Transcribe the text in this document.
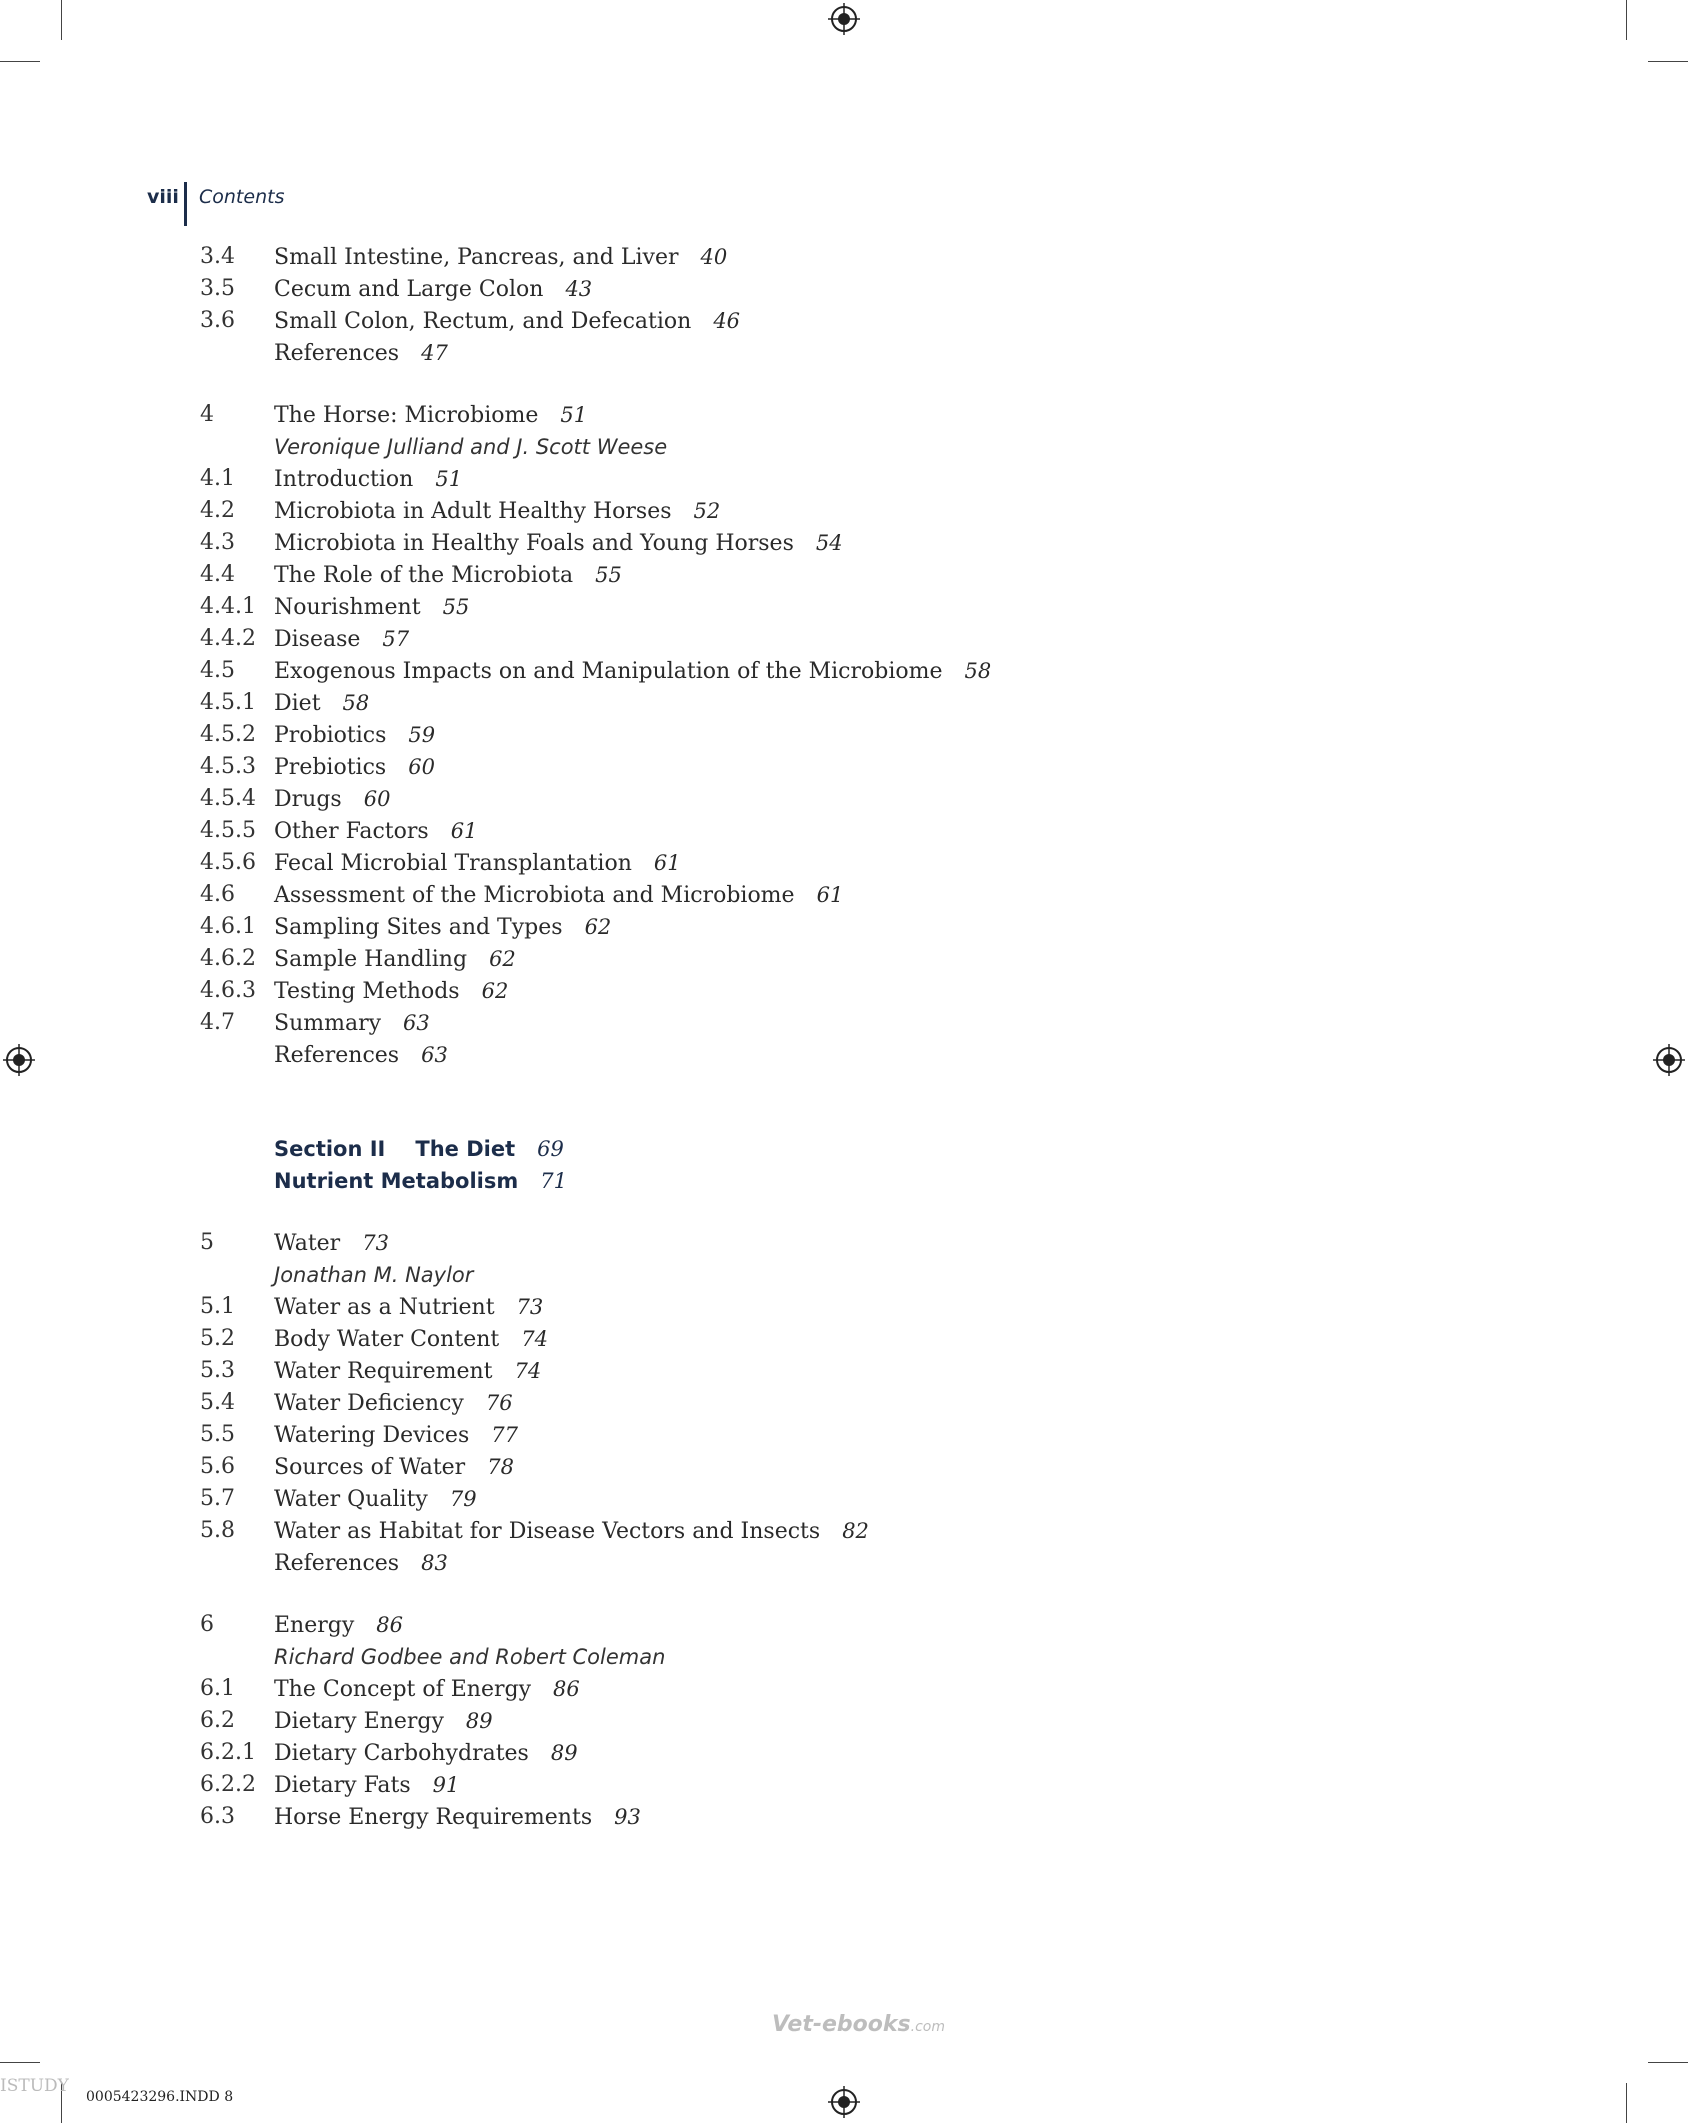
viii Contents
3.4	Small Intestine, Pancreas, and Liver 40
3.5	Cecum and Large Colon 43
3.6	Small Colon, Rectum, and Defecation 46
References 47
4	The Horse: Microbiome 51
Veronique Julliand and J. Scott Weese
4.1	Introduction 51
4.2	Microbiota in Adult Healthy Horses 52
4.3	Microbiota in Healthy Foals and Young Horses 54
4.4	The Role of the Microbiota 55
4.4.1 Nourishment 55
4.4.2 Disease 57
4.5	Exogenous Impacts on and Manipulation of the Microbiome 58
4.5.1 Diet 58
4.5.2 Probiotics 59
4.5.3 Prebiotics 60
4.5.4 Drugs 60
4.5.5 Other Factors 61
4.5.6 Fecal Microbial Transplantation 61
4.6	Assessment of the Microbiota and Microbiome 61
4.6.1 Sampling Sites and Types 62
4.6.2 Sample Handling 62
4.6.3 Testing Methods 62
4.7	Summary 63
References 63
Section II The Diet 69
Nutrient Metabolism 71
5	Water 73
Jonathan M. Naylor
5.1	Water as a Nutrient 73
5.2	Body Water Content 74
5.3	Water Requirement 74
5.4	Water Deficiency 76
5.5	Watering Devices 77
5.6	Sources of Water 78
5.7	Water Quality 79
5.8	Water as Habitat for Disease Vectors and Insects 82
References 83
6	Energy 86
Richard Godbee and Robert Coleman
6.1	The Concept of Energy 86
6.2	Dietary Energy 89
6.2.1 Dietary Carbohydrates 89
6.2.2 Dietary Fats 91
6.3	Horse Energy Requirements 93
Vet-ebooks.com
0005423296.INDD 8
ISTUDY
